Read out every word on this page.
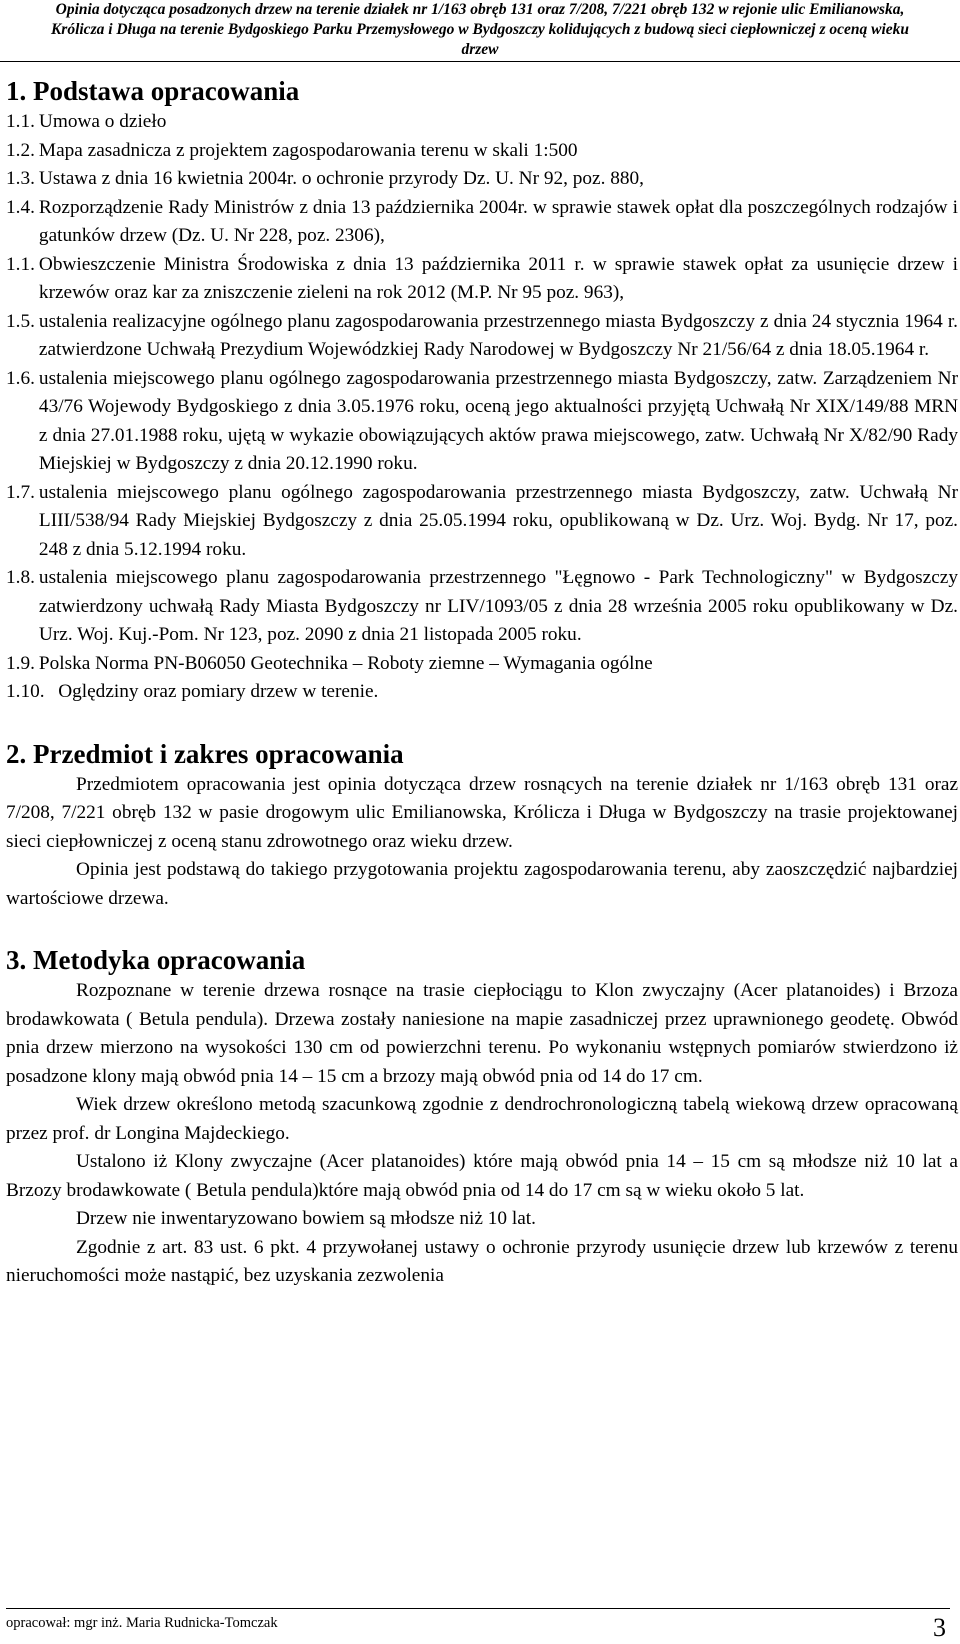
Opinia dotycząca posadzonych drzew na terenie działek nr 1/163 obręb 131 oraz 7/208, 7/221 obręb 132 w rejonie ulic Emilianowska,
Królicza i Długa na terenie Bydgoskiego Parku Przemysłowego w Bydgoszczy kolidujących z budową sieci ciepłowniczej z oceną wieku
drzew
1. Podstawa opracowania
1.1. Umowa o dzieło
1.2. Mapa zasadnicza z projektem zagospodarowania terenu w skali 1:500
1.3. Ustawa z dnia 16 kwietnia 2004r. o ochronie przyrody Dz. U. Nr 92, poz. 880,
1.4. Rozporządzenie Rady Ministrów z dnia 13 października 2004r. w sprawie stawek opłat dla poszczególnych rodzajów i gatunków drzew (Dz. U. Nr 228, poz. 2306),
1.1. Obwieszczenie Ministra Środowiska z dnia 13 października 2011 r. w sprawie stawek opłat za usunięcie drzew i krzewów oraz kar za zniszczenie zieleni na rok 2012 (M.P. Nr 95 poz. 963),
1.5. ustalenia realizacyjne ogólnego planu zagospodarowania przestrzennego miasta Bydgoszczy z dnia 24 stycznia 1964 r. zatwierdzone Uchwałą Prezydium Wojewódzkiej Rady Narodowej w Bydgoszczy Nr 21/56/64 z dnia 18.05.1964 r.
1.6. ustalenia miejscowego planu ogólnego zagospodarowania przestrzennego miasta Bydgoszczy, zatw. Zarządzeniem Nr 43/76 Wojewody Bydgoskiego z dnia 3.05.1976 roku, oceną jego aktualności przyjętą Uchwałą Nr XIX/149/88 MRN z dnia 27.01.1988 roku, ujętą w wykazie obowiązujących aktów prawa miejscowego, zatw. Uchwałą Nr X/82/90 Rady Miejskiej w Bydgoszczy z dnia 20.12.1990 roku.
1.7. ustalenia miejscowego planu ogólnego zagospodarowania przestrzennego miasta Bydgoszczy, zatw. Uchwałą Nr LIII/538/94 Rady Miejskiej Bydgoszczy z dnia 25.05.1994 roku, opublikowaną w Dz. Urz. Woj. Bydg. Nr 17, poz. 248 z dnia 5.12.1994 roku.
1.8. ustalenia miejscowego planu zagospodarowania przestrzennego "Łęgnowo - Park Technologiczny" w Bydgoszczy zatwierdzony uchwałą Rady Miasta Bydgoszczy nr LIV/1093/05 z dnia 28 września 2005 roku opublikowany w Dz. Urz. Woj. Kuj.-Pom. Nr 123, poz. 2090 z dnia 21 listopada 2005 roku.
1.9. Polska Norma PN-B06050 Geotechnika – Roboty ziemne – Wymagania ogólne
1.10. Oględziny oraz pomiary drzew w terenie.
2. Przedmiot i zakres opracowania

Przedmiotem opracowania jest opinia dotycząca drzew rosnących na terenie działek nr 1/163 obręb 131 oraz 7/208, 7/221 obręb 132 w pasie drogowym ulic Emilianowska, Królicza i Długa w Bydgoszczy na trasie projektowanej sieci ciepłowniczej z oceną stanu zdrowotnego oraz wieku drzew.

Opinia jest podstawą do takiego przygotowania projektu zagospodarowania terenu, aby zaoszczędzić najbardziej wartościowe drzewa.

3. Metodyka opracowania

Rozpoznane w terenie drzewa rosnące na trasie ciepłociągu to Klon zwyczajny (Acer platanoides) i Brzoza brodawkowata ( Betula pendula). Drzewa zostały naniesione na mapie zasadniczej przez uprawnionego geodetę. Obwód pnia drzew mierzono na wysokości 130 cm od powierzchni terenu. Po wykonaniu wstępnych pomiarów stwierdzono iż posadzone klony mają obwód pnia 14 – 15 cm a brzozy mają obwód pnia od 14 do 17 cm.

Wiek drzew określono metodą szacunkową zgodnie z dendrochronologiczną tabelą wiekową drzew opracowaną przez prof. dr Longina Majdeckiego.

Ustalono iż Klony zwyczajne (Acer platanoides) które mają obwód pnia 14 – 15 cm są młodsze niż 10 lat a Brzozy brodawkowate ( Betula pendula)które mają obwód pnia od 14 do 17 cm są w wieku około 5 lat.

Drzew nie inwentaryzowano bowiem są młodsze niż 10 lat.

Zgodnie z art. 83 ust. 6 pkt. 4 przywołanej ustawy o ochronie przyrody usunięcie drzew lub krzewów z terenu nieruchomości może nastąpić, bez uzyskania zezwolenia

opracował: mgr inż. Maria Rudnicka-Tomczak	3
